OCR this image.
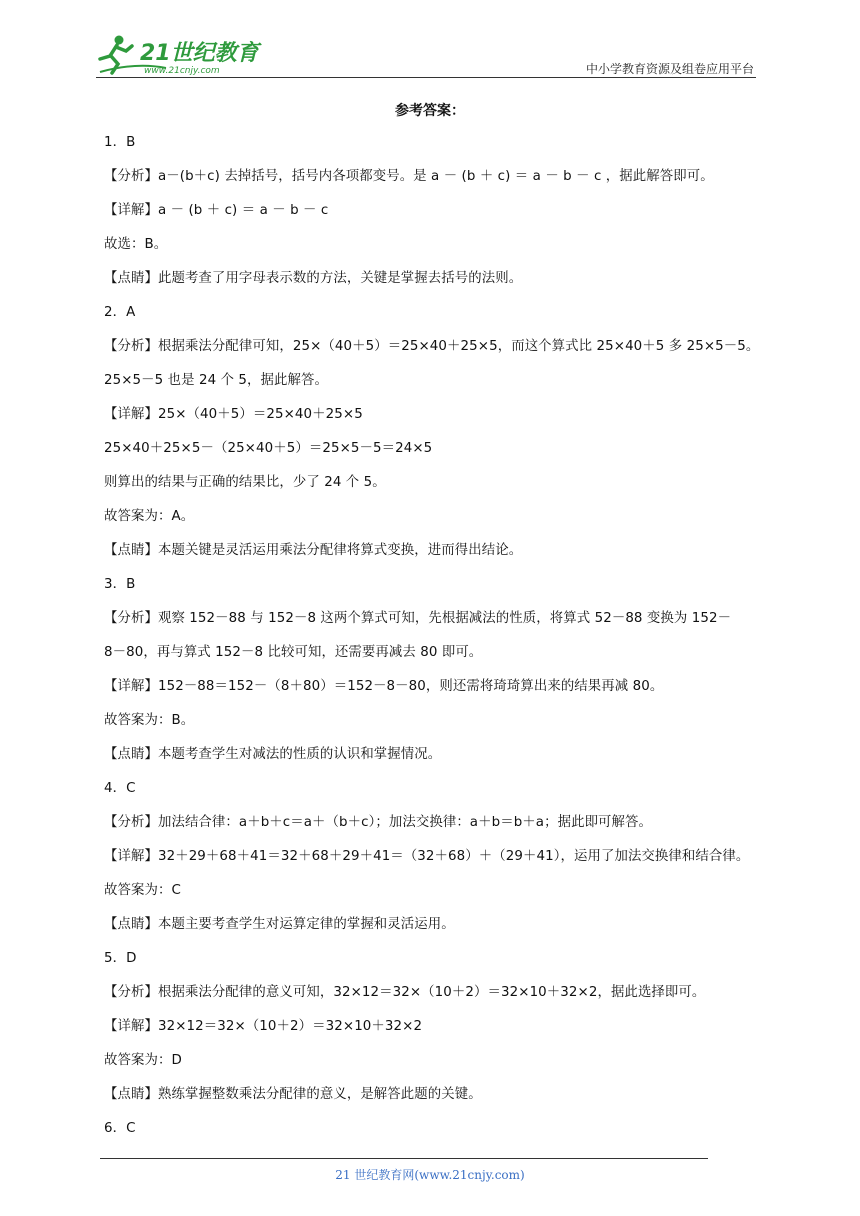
21世纪教育
www.21cnjy.com	中小学教育资源及组卷应用平台
参考答案：
1．B
【分析】a－(b＋c) 去掉括号，括号内各项都变号。是 a － (b ＋ c) ＝ a － b － c ，据此解答即可。
【详解】a － (b ＋ c) ＝ a － b － c
故选：B。
【点睛】此题考查了用字母表示数的方法，关键是掌握去括号的法则。
2．A
【分析】根据乘法分配律可知，25×（40＋5）＝25×40＋25×5，而这个算式比 25×40＋5 多 25×5－5。
25×5－5 也是 24 个 5，据此解答。
【详解】25×（40＋5）＝25×40＋25×5
25×40＋25×5－（25×40＋5）＝25×5－5＝24×5
则算出的结果与正确的结果比，少了 24 个 5。
故答案为：A。
【点睛】本题关键是灵活运用乘法分配律将算式变换，进而得出结论。
3．B
【分析】观察 152－88 与 152－8 这两个算式可知，先根据减法的性质，将算式 52－88 变换为 152－
8－80，再与算式 152－8 比较可知，还需要再减去 80 即可。
【详解】152－88＝152－（8＋80）＝152－8－80，则还需将琦琦算出来的结果再减 80。
故答案为：B。
【点睛】本题考查学生对减法的性质的认识和掌握情况。
4．C
【分析】加法结合律：a＋b＋c＝a＋（b＋c）；加法交换律：a＋b＝b＋a；据此即可解答。
【详解】32＋29＋68＋41＝32＋68＋29＋41＝（32＋68）＋（29＋41），运用了加法交换律和结合律。
故答案为：C
【点睛】本题主要考查学生对运算定律的掌握和灵活运用。
5．D
【分析】根据乘法分配律的意义可知，32×12＝32×（10＋2）＝32×10＋32×2，据此选择即可。
【详解】32×12＝32×（10＋2）＝32×10＋32×2
故答案为：D
【点睛】熟练掌握整数乘法分配律的意义，是解答此题的关键。
6．C
21 世纪教育网(www.21cnjy.com)
